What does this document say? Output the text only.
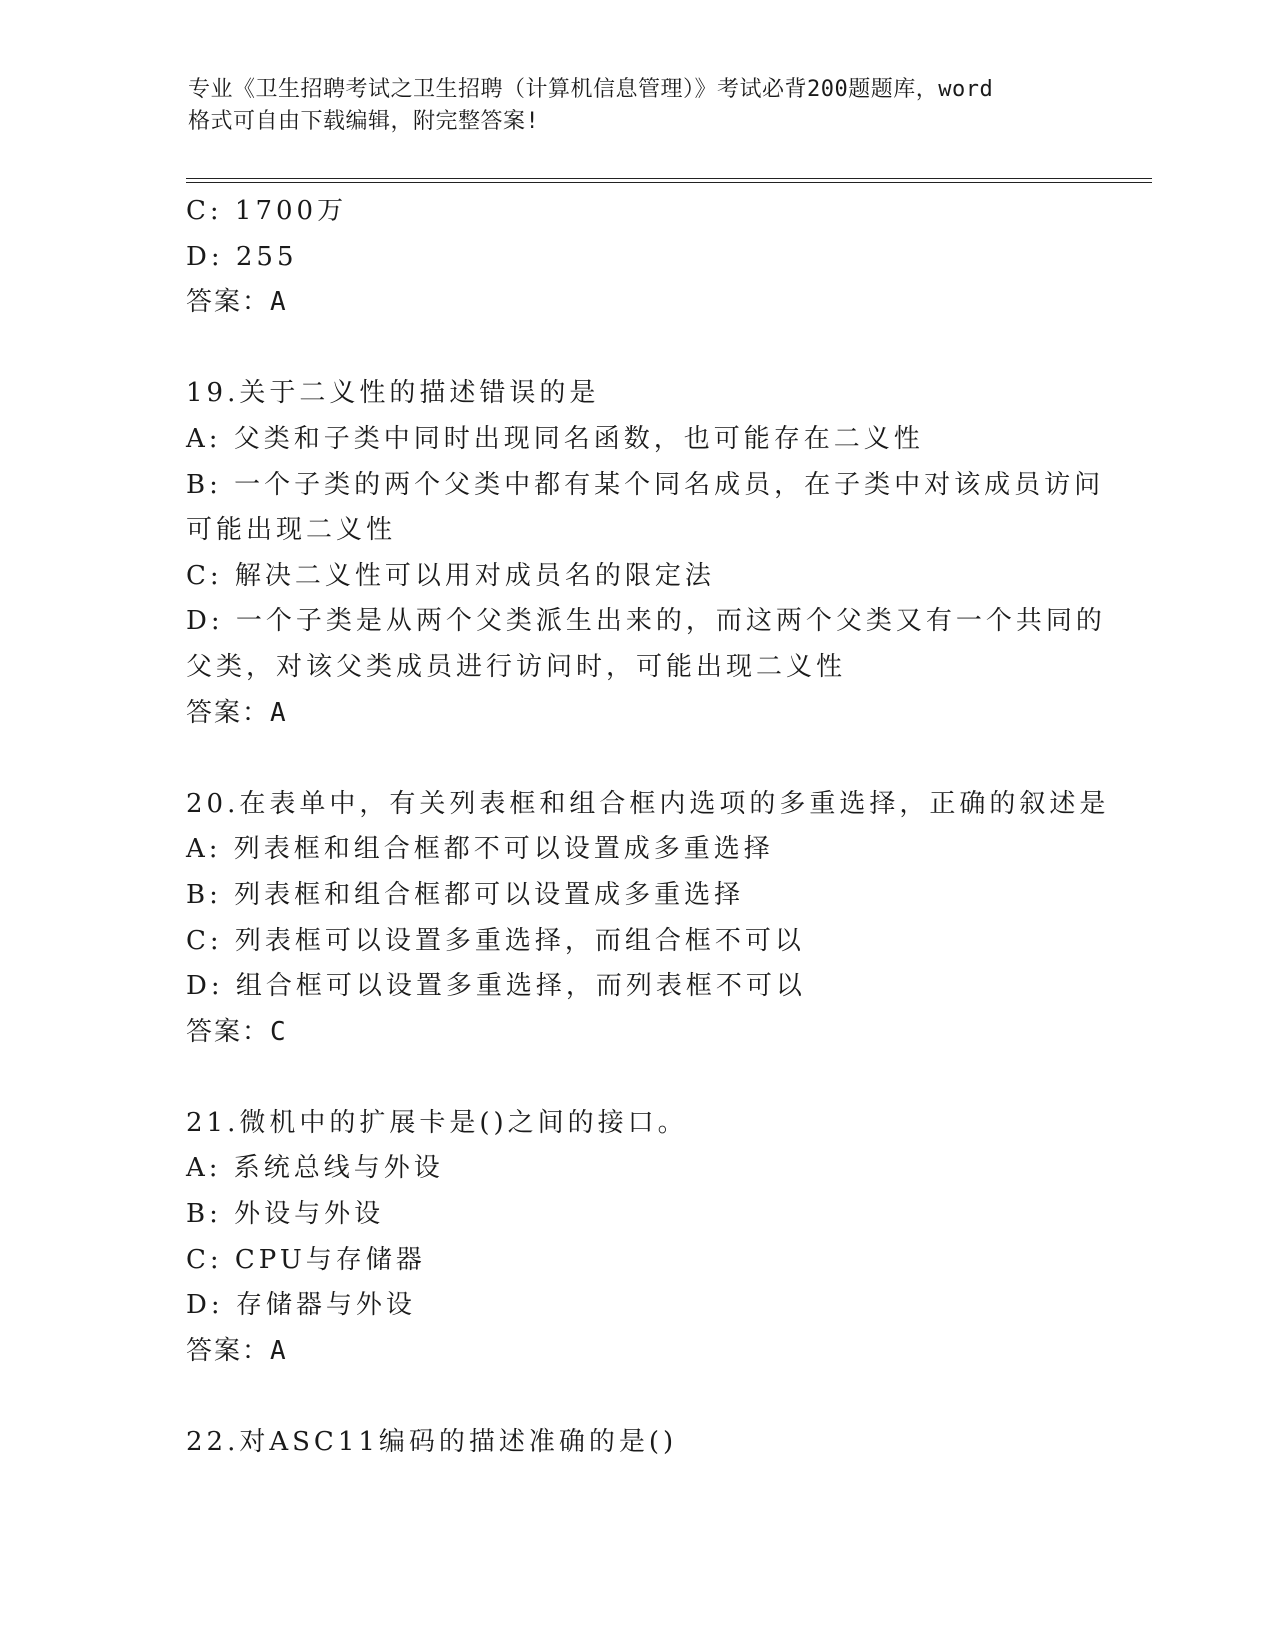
专业《卫生招聘考试之卫生招聘（计算机信息管理）》考试必背200题题库，word
格式可自由下载编辑，附完整答案!
C: 1700万
D: 255
答案：A
19.关于二义性的描述错误的是
A: 父类和子类中同时出现同名函数，也可能存在二义性
B: 一个子类的两个父类中都有某个同名成员，在子类中对该成员访问
可能出现二义性
C: 解决二义性可以用对成员名的限定法
D: 一个子类是从两个父类派生出来的，而这两个父类又有一个共同的
父类，对该父类成员进行访问时，可能出现二义性
答案：A
20.在表单中，有关列表框和组合框内选项的多重选择，正确的叙述是
A: 列表框和组合框都不可以设置成多重选择
B: 列表框和组合框都可以设置成多重选择
C: 列表框可以设置多重选择，而组合框不可以
D: 组合框可以设置多重选择，而列表框不可以
答案：C
21.微机中的扩展卡是()之间的接口。
A: 系统总线与外设
B: 外设与外设
C: CPU与存储器
D: 存储器与外设
答案：A
22.对ASC11编码的描述准确的是()
